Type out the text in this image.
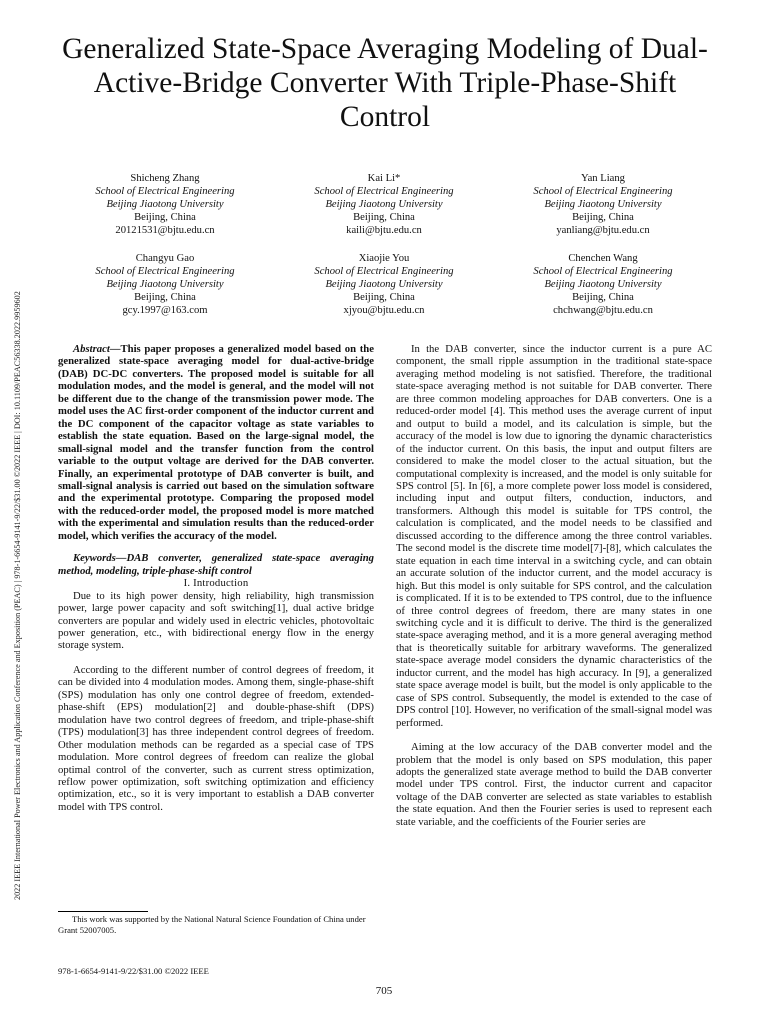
2022 IEEE International Power Electronics and Application Conference and Exposition (PEAC) | 978-1-6654-9141-9/22/$31.00 ©2022 IEEE | DOI: 10.1109/PEAC56338.2022.9959602
Generalized State-Space Averaging Modeling of Dual-Active-Bridge Converter With Triple-Phase-Shift Control
Shicheng Zhang
School of Electrical Engineering
Beijing Jiaotong University
Beijing, China
20121531@bjtu.edu.cn
Kai Li*
School of Electrical Engineering
Beijing Jiaotong University
Beijing, China
kaili@bjtu.edu.cn
Yan Liang
School of Electrical Engineering
Beijing Jiaotong University
Beijing, China
yanliang@bjtu.edu.cn
Changyu Gao
School of Electrical Engineering
Beijing Jiaotong University
Beijing, China
gcy.1997@163.com
Xiaojie You
School of Electrical Engineering
Beijing Jiaotong University
Beijing, China
xjyou@bjtu.edu.cn
Chenchen Wang
School of Electrical Engineering
Beijing Jiaotong University
Beijing, China
chchwang@bjtu.edu.cn

Abstract—This paper proposes a generalized model based on the generalized state-space averaging model for dual-active-bridge (DAB) DC-DC converters. The proposed model is suitable for all modulation modes, and the model is general, and the model will not be different due to the change of the transmission power mode. The model uses the AC first-order component of the inductor current and the DC component of the capacitor voltage as state variables to establish the state equation. Based on the large-signal model, the small-signal model and the transfer function from the control variable to the output voltage are derived for the DAB converter. Finally, an experimental prototype of DAB converter is built, and small-signal analysis is carried out based on the simulation software and the experimental prototype. Comparing the proposed model with the reduced-order model, the proposed model is more matched with the experimental and simulation results than the reduced-order model, which verifies the accuracy of the model.

Keywords—DAB converter, generalized state-space averaging method, modeling, triple-phase-shift control

I. Introduction

Due to its high power density, high reliability, high transmission power, large power capacity and soft switching[1], dual active bridge converters are popular and widely used in electric vehicles, photovoltaic power generation, etc., with bidirectional energy flow in the energy storage system.

According to the different number of control degrees of freedom, it can be divided into 4 modulation modes. Among them, single-phase-shift (SPS) modulation has only one control degree of freedom, extended-phase-shift (EPS) modulation[2] and double-phase-shift (DPS) modulation have two control degrees of freedom, and triple-phase-shift (TPS) modulation[3] has three independent control degrees of freedom. Other modulation methods can be regarded as a special case of TPS modulation. More control degrees of freedom can realize the global optimal control of the converter, such as current stress optimization, reflow power optimization, soft switching optimization and efficiency optimization, etc., so it is very important to establish a DAB converter model with TPS control.

In the DAB converter, since the inductor current is a pure AC component, the small ripple assumption in the traditional state-space averaging method modeling is not satisfied. Therefore, the traditional state-space averaging method is not suitable for DAB converter. There are three common modeling approaches for DAB converters. One is a reduced-order model [4]. This method uses the average current of input and output to build a model, and its calculation is simple, but the accuracy of the model is low due to ignoring the dynamic characteristics of the inductor current. On this basis, the input and output filters are considered to make the model closer to the actual situation, but the computational complexity is increased, and the model is only suitable for SPS control [5]. In [6], a more complete power loss model is considered, including input and output filters, conduction, inductors, and transformers. Although this model is suitable for TPS control, the calculation is complicated, and the model needs to be classified and discussed according to the difference among the three control variables. The second model is the discrete time model[7]-[8], which calculates the state equation in each time interval in a switching cycle, and can obtain an accurate solution of the inductor current, and the model accuracy is high. But this model is only suitable for SPS control, and the calculation is complicated. If it is to be extended to TPS control, due to the influence of three control degrees of freedom, there are many states in one switching cycle and it is difficult to derive. The third is the generalized state-space averaging method, and it is a more general averaging method that is theoretically suitable for arbitrary waveforms. The generalized state-space average model considers the dynamic characteristics of the inductor current, and the model has high accuracy. In [9], a generalized state space average model is built, but the model is only applicable to the case of SPS control. Subsequently, the model is extended to the case of DPS control [10]. However, no verification of the small-signal model was performed.

Aiming at the low accuracy of the DAB converter model and the problem that the model is only based on SPS modulation, this paper adopts the generalized state average method to build the DAB converter model under TPS control. First, the inductor current and capacitor voltage of the DAB converter are selected as state variables to establish the state equation. And then the Fourier series is used to represent each state variable, and the coefficients of the Fourier series are

This work was supported by the National Natural Science Foundation of China under Grant 52007005.
978-1-6654-9141-9/22/$31.00 ©2022 IEEE
705
